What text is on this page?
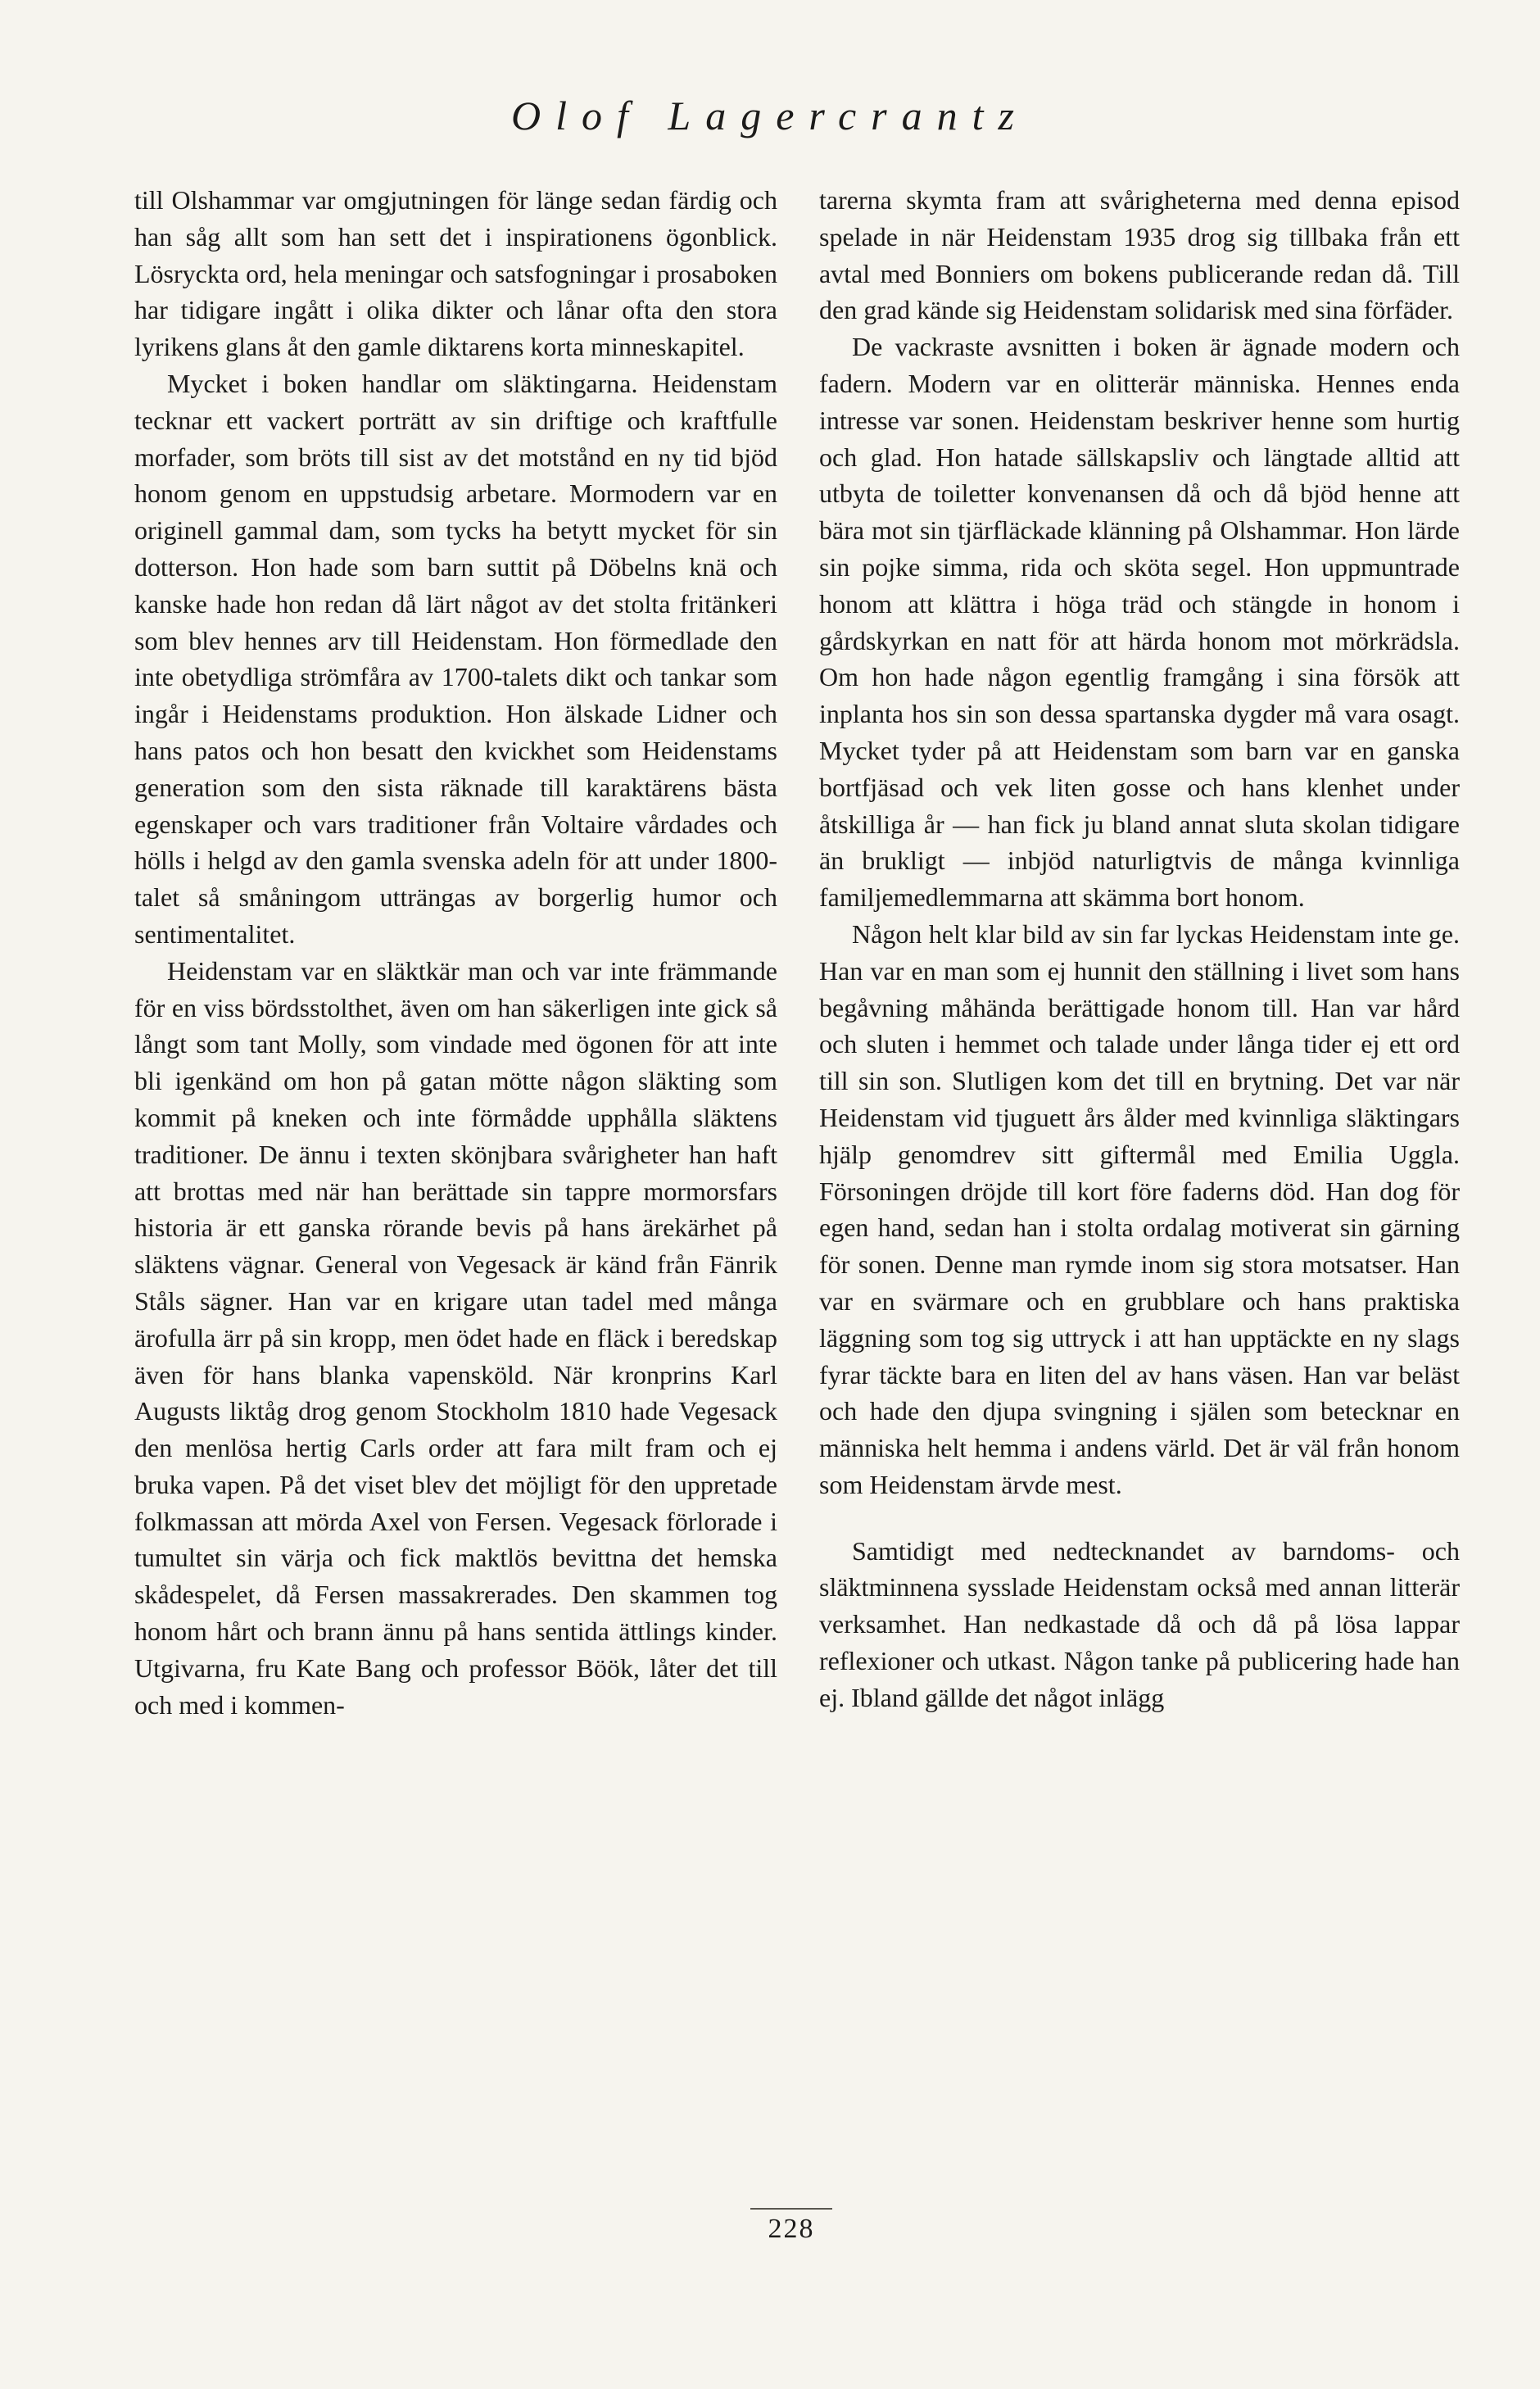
Olof Lagercrantz

till Olshammar var omgjutningen för länge sedan färdig och han såg allt som han sett det i inspirationens ögonblick. Lösryckta ord, hela meningar och satsfogningar i prosaboken har tidigare ingått i olika dikter och lånar ofta den stora lyrikens glans åt den gamle diktarens korta minneskapitel.

Mycket i boken handlar om släktingarna. Heidenstam tecknar ett vackert porträtt av sin driftige och kraftfulle morfader, som bröts till sist av det motstånd en ny tid bjöd honom genom en uppstudsig arbetare. Mormodern var en originell gammal dam, som tycks ha betytt mycket för sin dotterson. Hon hade som barn suttit på Döbelns knä och kanske hade hon redan då lärt något av det stolta fritänkeri som blev hennes arv till Heidenstam. Hon förmedlade den inte obetydliga strömfåra av 1700-talets dikt och tankar som ingår i Heidenstams produktion. Hon älskade Lidner och hans patos och hon besatt den kvickhet som Heidenstams generation som den sista räknade till karaktärens bästa egenskaper och vars traditioner från Voltaire vårdades och hölls i helgd av den gamla svenska adeln för att under 1800-talet så småningom utträngas av borgerlig humor och sentimentalitet.

Heidenstam var en släktkär man och var inte främmande för en viss bördsstolthet, även om han säkerligen inte gick så långt som tant Molly, som vindade med ögonen för att inte bli igenkänd om hon på gatan mötte någon släkting som kommit på kneken och inte förmådde upphålla släktens traditioner. De ännu i texten skönjbara svårigheter han haft att brottas med när han berättade sin tappre mormorsfars historia är ett ganska rörande bevis på hans ärekärhet på släktens vägnar. General von Vegesack är känd från Fänrik Ståls sägner. Han var en krigare utan tadel med många ärofulla ärr på sin kropp, men ödet hade en fläck i beredskap även för hans blanka vapensköld. När kronprins Karl Augusts liktåg drog genom Stockholm 1810 hade Vegesack den menlösa hertig Carls order att fara milt fram och ej bruka vapen. På det viset blev det möjligt för den uppretade folkmassan att mörda Axel von Fersen. Vegesack förlorade i tumultet sin värja och fick maktlös bevittna det hemska skådespelet, då Fersen massakrerades. Den skammen tog honom hårt och brann ännu på hans sentida ättlings kinder. Utgivarna, fru Kate Bang och professor Böök, låter det till och med i kommen-

tarerna skymta fram att svårigheterna med denna episod spelade in när Heidenstam 1935 drog sig tillbaka från ett avtal med Bonniers om bokens publicerande redan då. Till den grad kände sig Heidenstam solidarisk med sina förfäder.

De vackraste avsnitten i boken är ägnade modern och fadern. Modern var en olitterär människa. Hennes enda intresse var sonen. Heidenstam beskriver henne som hurtig och glad. Hon hatade sällskapsliv och längtade alltid att utbyta de toiletter konvenansen då och då bjöd henne att bära mot sin tjärfläckade klänning på Olshammar. Hon lärde sin pojke simma, rida och sköta segel. Hon uppmuntrade honom att klättra i höga träd och stängde in honom i gårdskyrkan en natt för att härda honom mot mörkrädsla. Om hon hade någon egentlig framgång i sina försök att inplanta hos sin son dessa spartanska dygder må vara osagt. Mycket tyder på att Heidenstam som barn var en ganska bortfjäsad och vek liten gosse och hans klenhet under åtskilliga år — han fick ju bland annat sluta skolan tidigare än brukligt — inbjöd naturligtvis de många kvinnliga familjemedlemmarna att skämma bort honom.

Någon helt klar bild av sin far lyckas Heidenstam inte ge. Han var en man som ej hunnit den ställning i livet som hans begåvning måhända berättigade honom till. Han var hård och sluten i hemmet och talade under långa tider ej ett ord till sin son. Slutligen kom det till en brytning. Det var när Heidenstam vid tjuguett års ålder med kvinnliga släktingars hjälp genomdrev sitt giftermål med Emilia Uggla. Försoningen dröjde till kort före faderns död. Han dog för egen hand, sedan han i stolta ordalag motiverat sin gärning för sonen. Denne man rymde inom sig stora motsatser. Han var en svärmare och en grubblare och hans praktiska läggning som tog sig uttryck i att han upptäckte en ny slags fyrar täckte bara en liten del av hans väsen. Han var beläst och hade den djupa svingning i själen som betecknar en människa helt hemma i andens värld. Det är väl från honom som Heidenstam ärvde mest.

Samtidigt med nedtecknandet av barndoms- och släktminnena sysslade Heidenstam också med annan litterär verksamhet. Han nedkastade då och då på lösa lappar reflexioner och utkast. Någon tanke på publicering hade han ej. Ibland gällde det något inlägg

228
